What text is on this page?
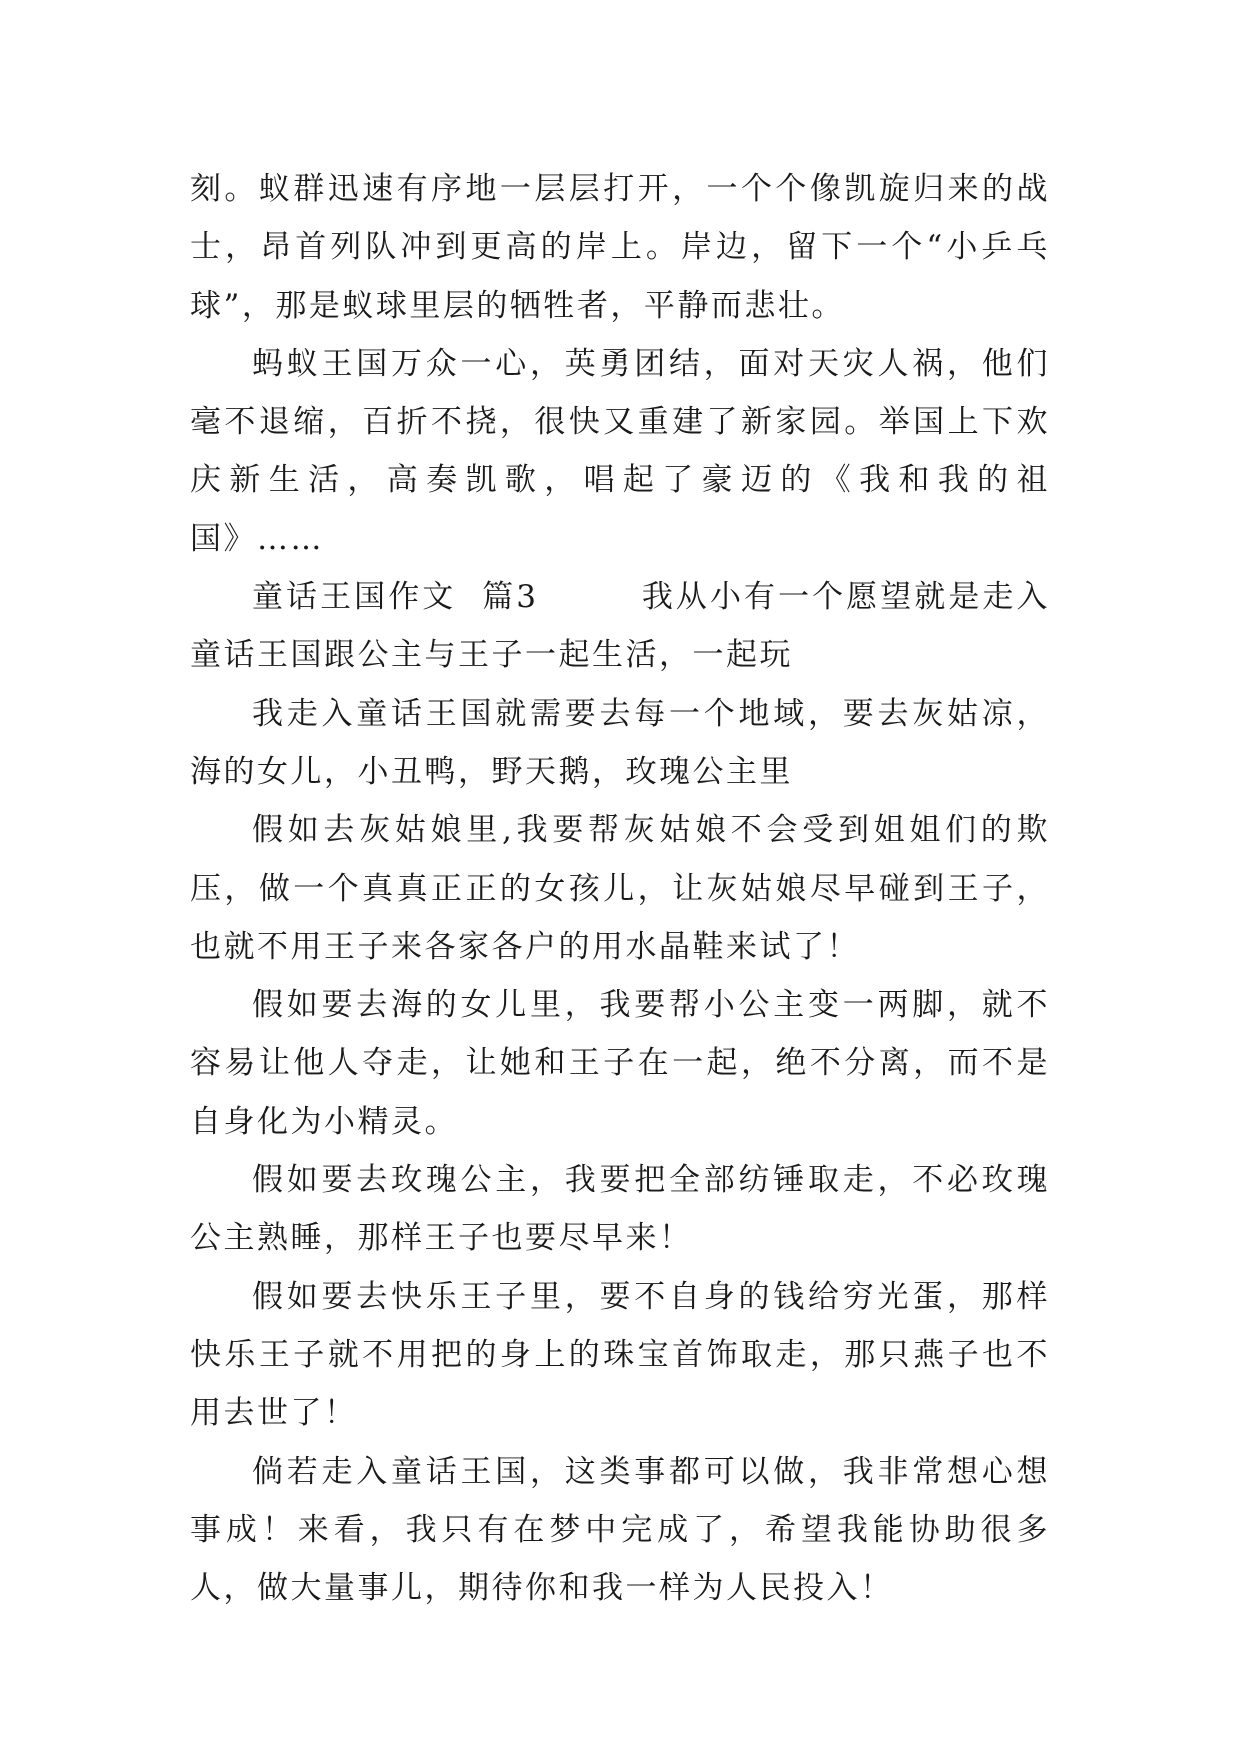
刻。蚁群迅速有序地一层层打开，一个个像凯旋归来的战士，昂首列队冲到更高的岸上。岸边，留下一个“小乒乓球”，那是蚁球里层的牺牲者，平静而悲壮。

蚂蚁王国万众一心，英勇团结，面对天灾人祸，他们毫不退缩，百折不挠，很快又重建了新家园。举国上下欢庆新生活，高奏凯歌，唱起了豪迈的《我和我的祖国》……

童话王国作文  篇3        我从小有一个愿望就是走入童话王国跟公主与王子一起生活，一起玩

我走入童话王国就需要去每一个地域，要去灰姑凉，海的女儿，小丑鸭，野天鹅，玫瑰公主里

假如去灰姑娘里,我要帮灰姑娘不会受到姐姐们的欺压，做一个真真正正的女孩儿，让灰姑娘尽早碰到王子，也就不用王子来各家各户的用水晶鞋来试了！

假如要去海的女儿里，我要帮小公主变一两脚，就不容易让他人夺走，让她和王子在一起，绝不分离，而不是自身化为小精灵。

假如要去玫瑰公主，我要把全部纺锤取走，不必玫瑰公主熟睡，那样王子也要尽早来！

假如要去快乐王子里，要不自身的钱给穷光蛋，那样快乐王子就不用把的身上的珠宝首饰取走，那只燕子也不用去世了！

倘若走入童话王国，这类事都可以做，我非常想心想事成！来看，我只有在梦中完成了，希望我能协助很多人，做大量事儿，期待你和我一样为人民投入！
